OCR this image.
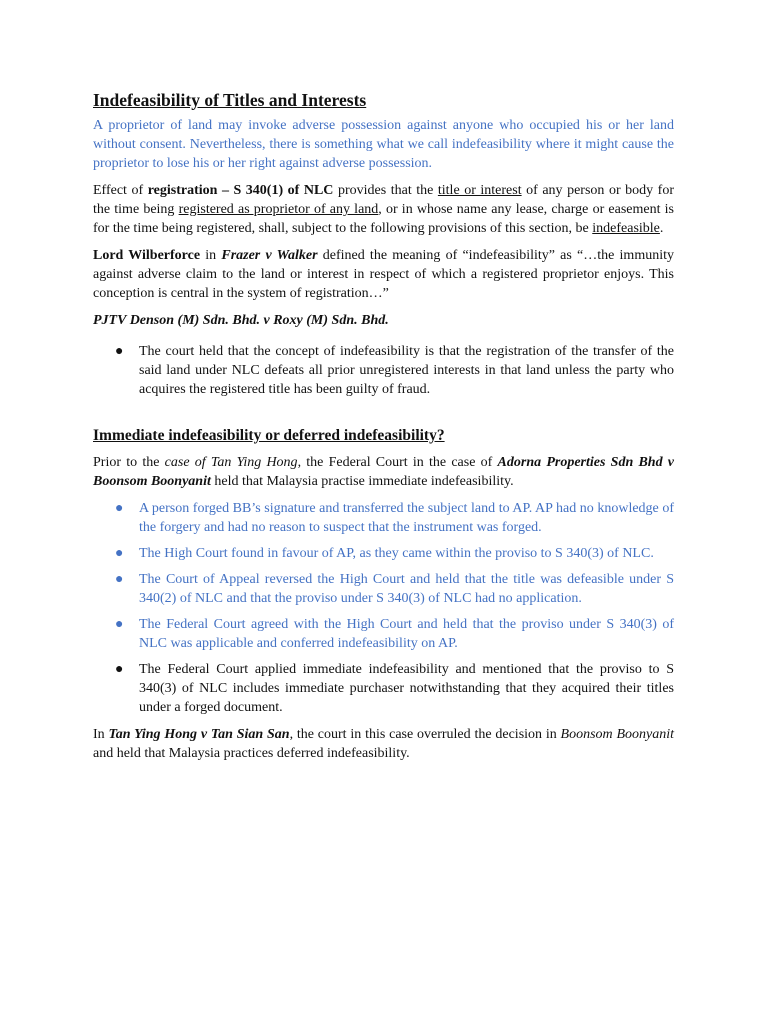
Indefeasibility of Titles and Interests

A proprietor of land may invoke adverse possession against anyone who occupied his or her land without consent. Nevertheless, there is something what we call indefeasibility where it might cause the proprietor to lose his or her right against adverse possession.

Effect of registration – S 340(1) of NLC provides that the title or interest of any person or body for the time being registered as proprietor of any land, or in whose name any lease, charge or easement is for the time being registered, shall, subject to the following provisions of this section, be indefeasible.

Lord Wilberforce in Frazer v Walker defined the meaning of “indefeasibility” as “…the immunity against adverse claim to the land or interest in respect of which a registered proprietor enjoys. This conception is central in the system of registration…”

PJTV Denson (M) Sdn. Bhd. v Roxy (M) Sdn. Bhd.

● The court held that the concept of indefeasibility is that the registration of the transfer of the said land under NLC defeats all prior unregistered interests in that land unless the party who acquires the registered title has been guilty of fraud.
Immediate indefeasibility or deferred indefeasibility?

Prior to the case of Tan Ying Hong, the Federal Court in the case of Adorna Properties Sdn Bhd v Boonsom Boonyanit held that Malaysia practise immediate indefeasibility.

● A person forged BB’s signature and transferred the subject land to AP. AP had no knowledge of the forgery and had no reason to suspect that the instrument was forged.
● The High Court found in favour of AP, as they came within the proviso to S 340(3) of NLC.
● The Court of Appeal reversed the High Court and held that the title was defeasible under S 340(2) of NLC and that the proviso under S 340(3) of NLC had no application.
● The Federal Court agreed with the High Court and held that the proviso under S 340(3) of NLC was applicable and conferred indefeasibility on AP.
● The Federal Court applied immediate indefeasibility and mentioned that the proviso to S 340(3) of NLC includes immediate purchaser notwithstanding that they acquired their titles under a forged document.

In Tan Ying Hong v Tan Sian San, the court in this case overruled the decision in Boonsom Boonyanit and held that Malaysia practices deferred indefeasibility.
